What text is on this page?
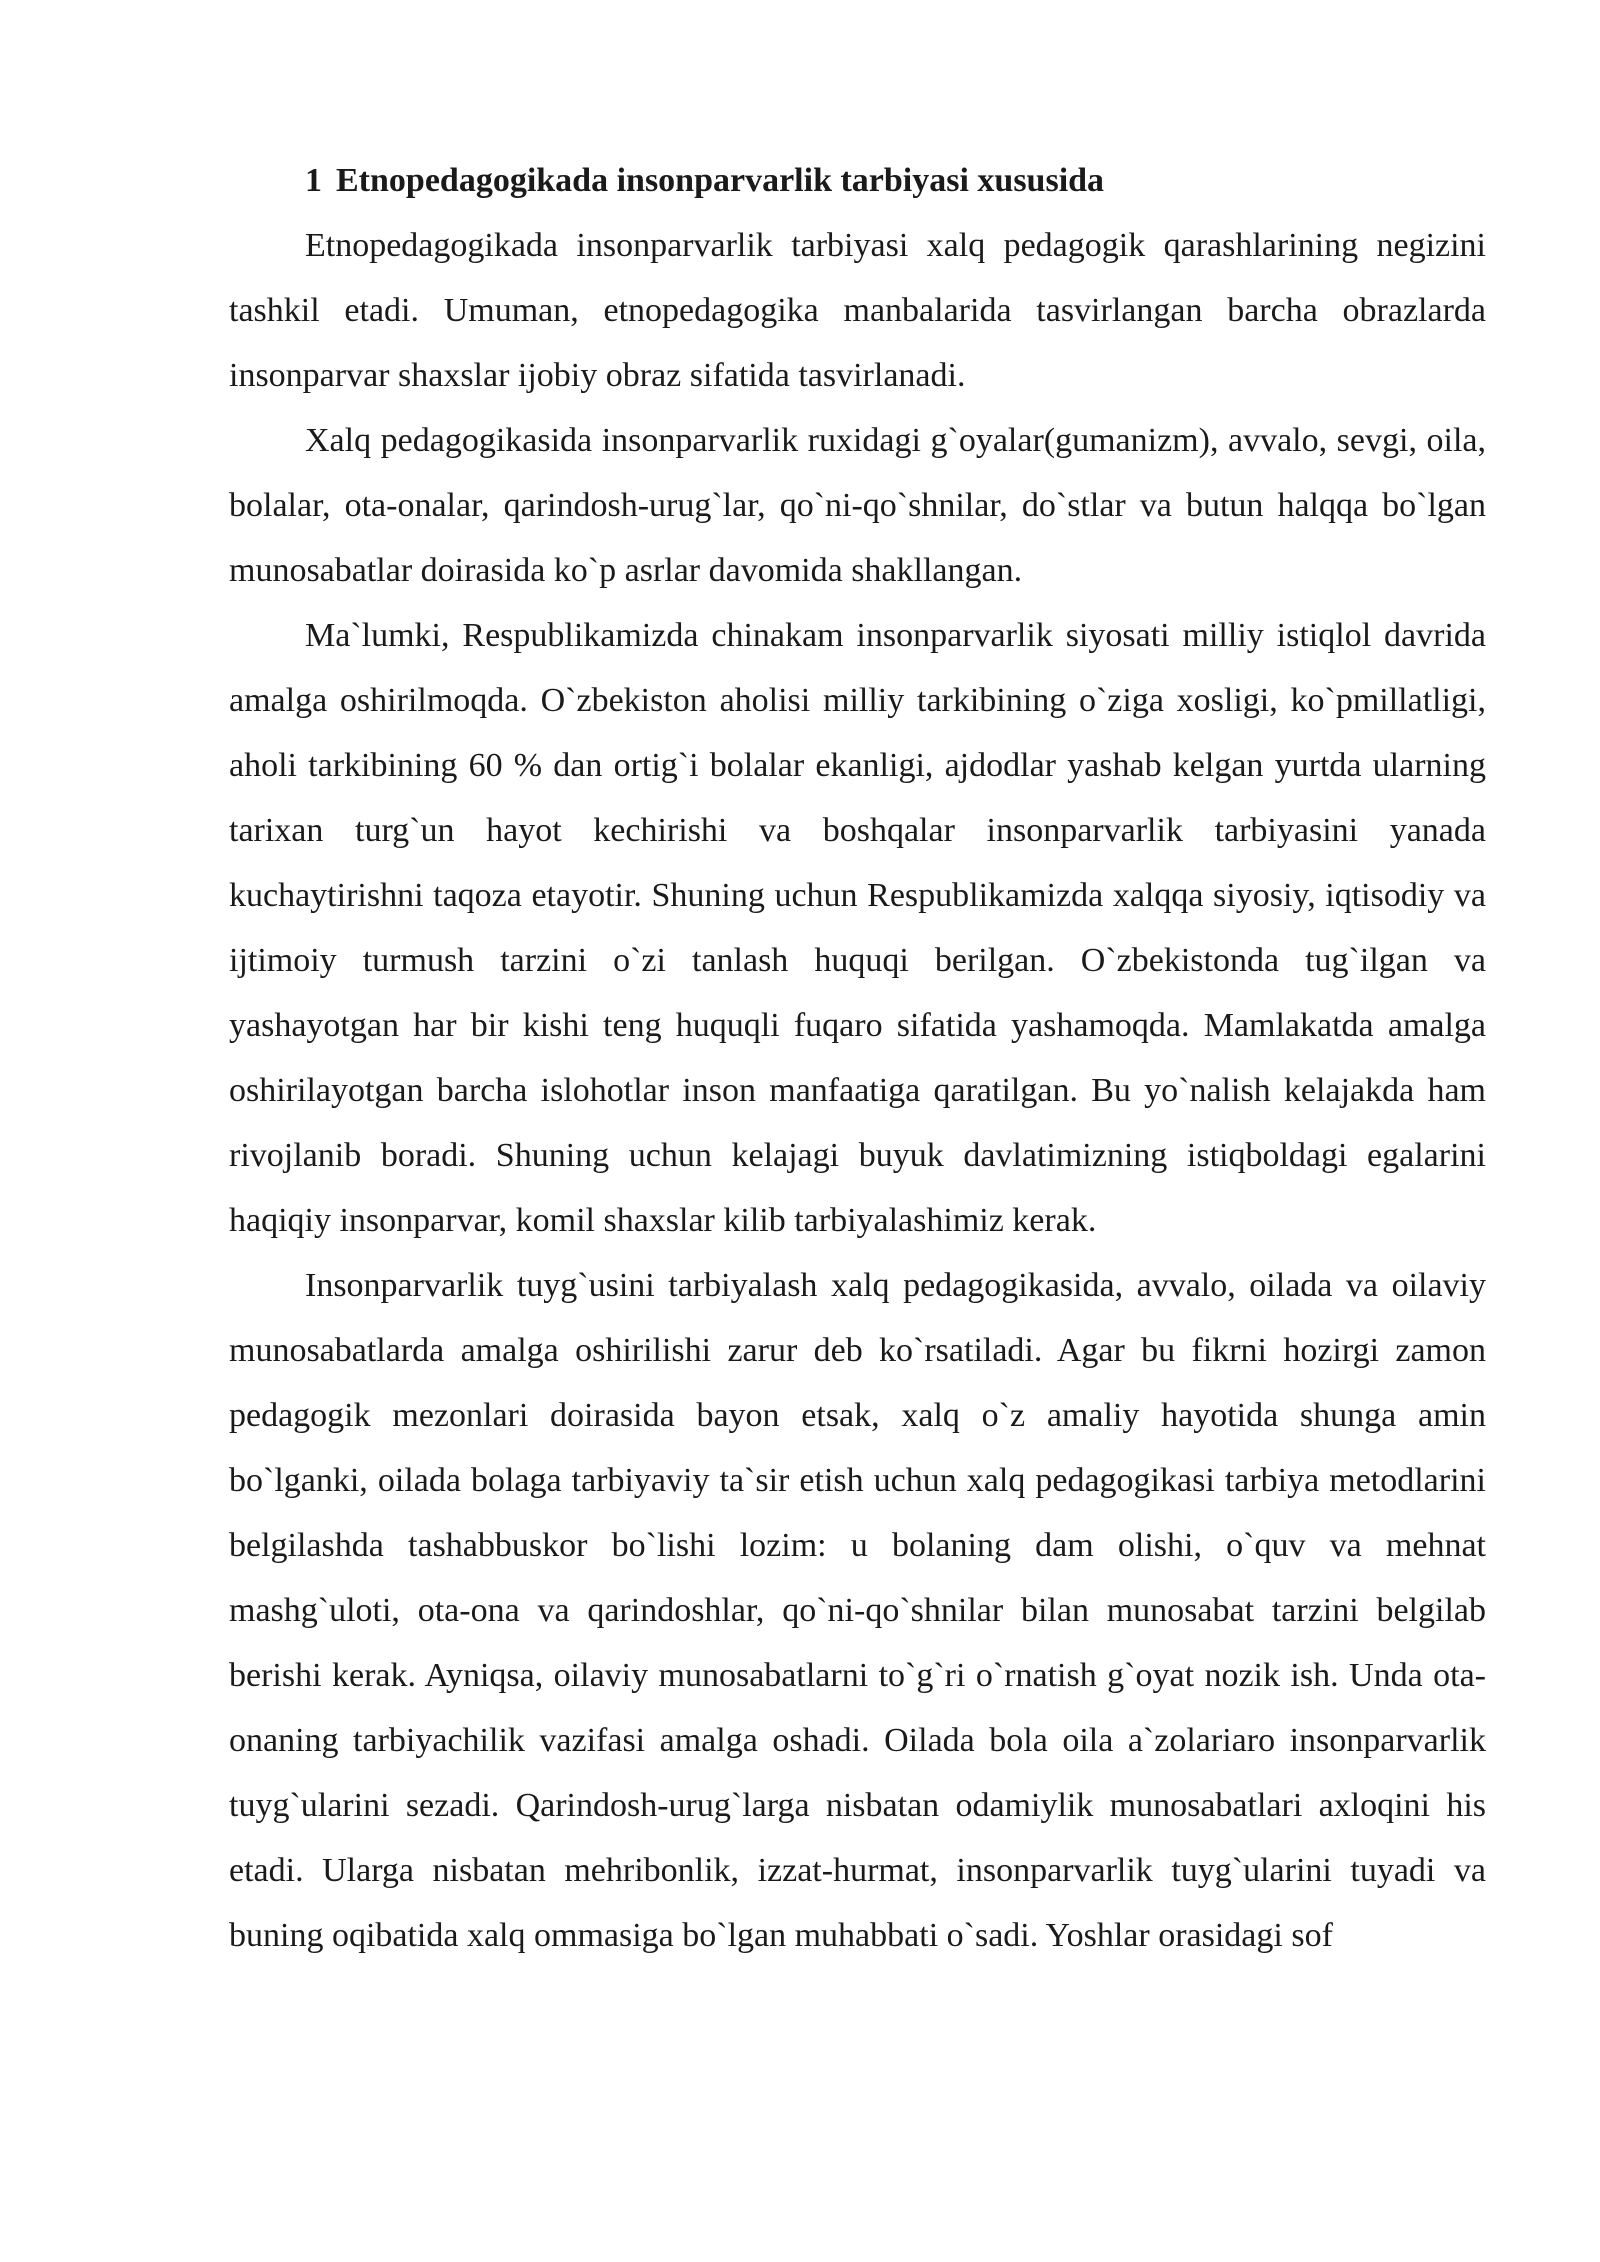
1 Etnopedagogikada insonparvarlik tarbiyasi xususida

Etnopedagogikada insonparvarlik tarbiyasi xalq pedagogik qarashlarining negizini tashkil etadi. Umuman, etnopedagogika manbalarida tasvirlangan barcha obrazlarda insonparvar shaxslar ijobiy obraz sifatida tasvirlanadi.

Xalq pedagogikasida insonparvarlik ruxidagi g`oyalar(gumanizm), avvalo, sevgi, oila, bolalar, ota-onalar, qarindosh-urug`lar, qo`ni-qo`shnilar, do`stlar va butun halqqa bo`lgan munosabatlar doirasida ko`p asrlar davomida shakllangan.

Ma`lumki, Respublikamizda chinakam insonparvarlik siyosati milliy istiqlol davrida amalga oshirilmoqda. O`zbekiston aholisi milliy tarkibining o`ziga xosligi, ko`pmillatligi, aholi tarkibining 60 % dan ortig`i bolalar ekanligi, ajdodlar yashab kelgan yurtda ularning tarixan turg`un hayot kechirishi va boshqalar insonparvarlik tarbiyasini yanada kuchaytirishni taqoza etayotir. Shuning uchun Respublikamizda xalqqa siyosiy, iqtisodiy va ijtimoiy turmush tarzini o`zi tanlash huquqi berilgan. O`zbekistonda tug`ilgan va yashayotgan har bir kishi teng huquqli fuqaro sifatida yashamoqda. Mamlakatda amalga oshirilayotgan barcha islohotlar inson manfaatiga qaratilgan. Bu yo`nalish kelajakda ham rivojlanib boradi. Shuning uchun kelajagi buyuk davlatimizning istiqboldagi egalarini haqiqiy insonparvar, komil shaxslar kilib tarbiyalashimiz kerak.

Insonparvarlik tuyg`usini tarbiyalash xalq pedagogikasida, avvalo, oilada va oilaviy munosabatlarda amalga oshirilishi zarur deb ko`rsatiladi. Agar bu fikrni hozirgi zamon pedagogik mezonlari doirasida bayon etsak, xalq o`z amaliy hayotida shunga amin bo`lganki, oilada bolaga tarbiyaviy ta`sir etish uchun xalq pedagogikasi tarbiya metodlarini belgilashda tashabbuskor bo`lishi lozim: u bolaning dam olishi, o`quv va mehnat mashg`uloti, ota-ona va qarindoshlar, qo`ni-qo`shnilar bilan munosabat tarzini belgilab berishi kerak. Ayniqsa, oilaviy munosabatlarni to`g`ri o`rnatish g`oyat nozik ish. Unda ota-onaning tarbiyachilik vazifasi amalga oshadi. Oilada bola oila a`zolariaro insonparvarlik tuyg`ularini sezadi. Qarindosh-urug`larga nisbatan odamiylik munosabatlari axloqini his etadi. Ularga nisbatan mehribonlik, izzat-hurmat, insonparvarlik tuyg`ularini tuyadi va buning oqibatida xalq ommasiga bo`lgan muhabbati o`sadi. Yoshlar orasidagi sof
